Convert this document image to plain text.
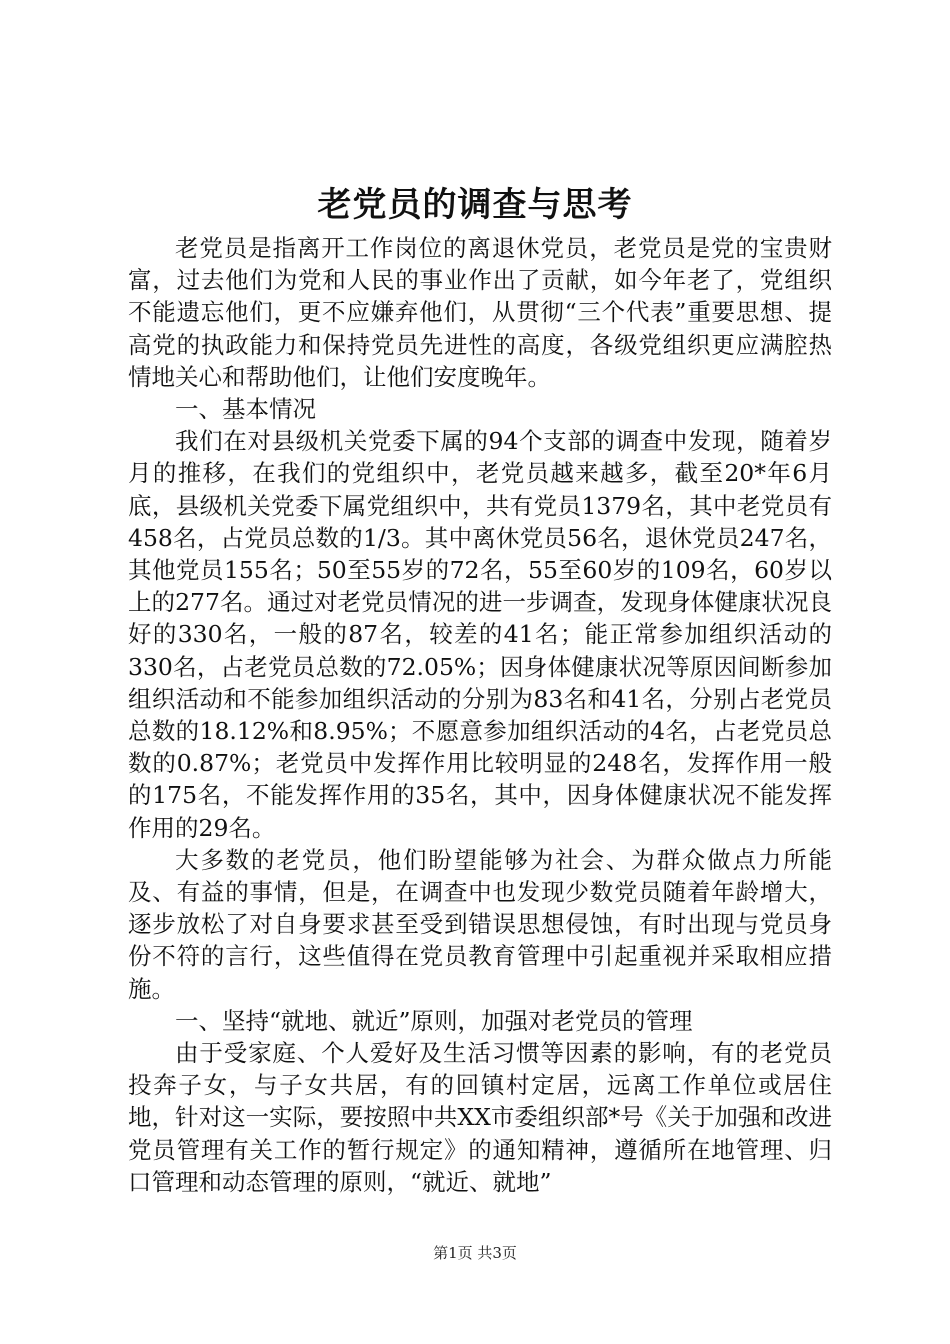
老党员的调查与思考

老党员是指离开工作岗位的离退休党员，老党员是党的宝贵财富，过去他们为党和人民的事业作出了贡献，如今年老了，党组织不能遗忘他们，更不应嫌弃他们，从贯彻“三个代表”重要思想、提高党的执政能力和保持党员先进性的高度，各级党组织更应满腔热情地关心和帮助他们，让他们安度晚年。

一、基本情况

我们在对县级机关党委下属的94个支部的调查中发现，随着岁月的推移，在我们的党组织中，老党员越来越多，截至20*年6月底，县级机关党委下属党组织中，共有党员1379名，其中老党员有458名，占党员总数的1/3。其中离休党员56名，退休党员247名，其他党员155名；50至55岁的72名，55至60岁的109名，60岁以上的277名。通过对老党员情况的进一步调查，发现身体健康状况良好的330名，一般的87名，较差的41名；能正常参加组织活动的330名，占老党员总数的72.05%；因身体健康状况等原因间断参加组织活动和不能参加组织活动的分别为83名和41名，分别占老党员总数的18.12%和8.95%；不愿意参加组织活动的4名，占老党员总数的0.87%；老党员中发挥作用比较明显的248名，发挥作用一般的175名，不能发挥作用的35名，其中，因身体健康状况不能发挥作用的29名。

大多数的老党员，他们盼望能够为社会、为群众做点力所能及、有益的事情，但是，在调查中也发现少数党员随着年龄增大，逐步放松了对自身要求甚至受到错误思想侵蚀，有时出现与党员身份不符的言行，这些值得在党员教育管理中引起重视并采取相应措施。

一、坚持“就地、就近”原则，加强对老党员的管理

由于受家庭、个人爱好及生活习惯等因素的影响，有的老党员投奔子女，与子女共居，有的回镇村定居，远离工作单位或居住地，针对这一实际，要按照中共XX市委组织部*号《关于加强和改进党员管理有关工作的暂行规定》的通知精神，遵循所在地管理、归口管理和动态管理的原则，“就近、就地”

第1页 共3页
